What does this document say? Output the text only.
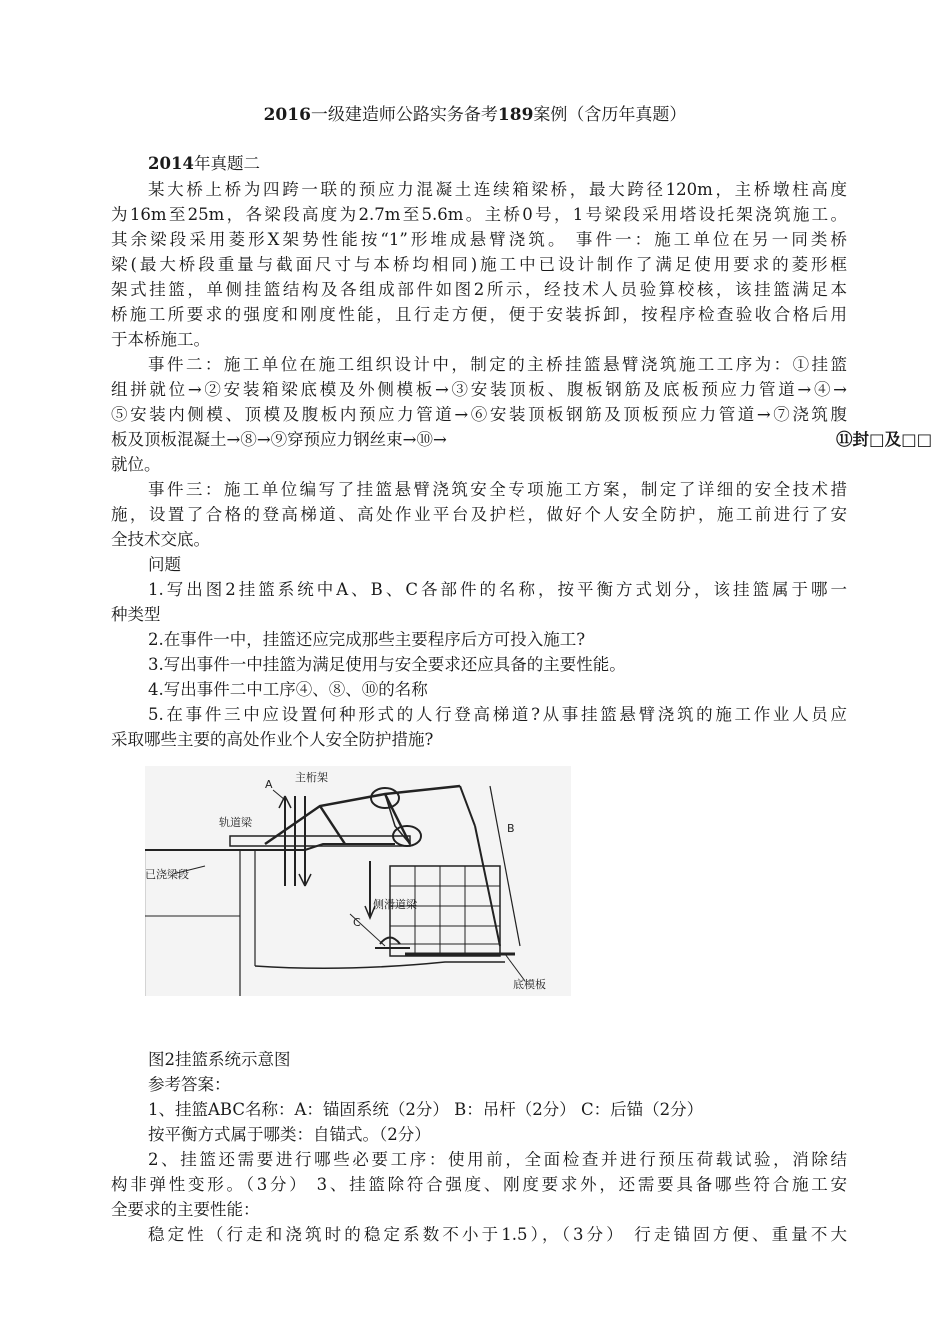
2016一级建造师公路实务备考189案例（含历年真题）
2014年真题二
某大桥上桥为四跨一联的预应力混凝土连续箱梁桥，最大跨径120m，主桥墩柱高度
为16m至25m，各梁段高度为2.7m至5.6m。主桥0号，1号梁段采用塔设托架浇筑施工。
其余梁段采用菱形X架势性能按“1”形堆成悬臂浇筑。 事件一：施工单位在另一同类桥
梁(最大桥段重量与截面尺寸与本桥均相同)施工中已设计制作了满足使用要求的菱形框
架式挂篮，单侧挂篮结构及各组成部件如图2所示，经技术人员验算校核，该挂篮满足本
桥施工所要求的强度和刚度性能，且行走方便，便于安装拆卸，按程序检查验收合格后用
于本桥施工。
事件二：施工单位在施工组织设计中，制定的主桥挂篮悬臂浇筑施工工序为：①挂篮
组拼就位→②安装箱梁底模及外侧模板→③安装顶板、腹板钢筋及底板预应力管道→④→
⑤安装内侧模、顶模及腹板内预应力管道→⑥安装顶板钢筋及顶板预应力管道→⑦浇筑腹
板及顶板混凝土→⑧→⑨穿预应力钢丝束→⑩→	⑪封□及□□
就位。
事件三：施工单位编写了挂篮悬臂浇筑安全专项施工方案，制定了详细的安全技术措
施，设置了合格的登高梯道、高处作业平台及护栏，做好个人安全防护，施工前进行了安
全技术交底。
问题
1.写出图2挂篮系统中A、B、C各部件的名称，按平衡方式划分，该挂篮属于哪一
种类型
2.在事件一中，挂篮还应完成那些主要程序后方可投入施工?
3.写出事件一中挂篮为满足使用与安全要求还应具备的主要性能。
4.写出事件二中工序④、⑧、⑩的名称
5.在事件三中应设置何种形式的人行登高梯道?从事挂篮悬臂浇筑的施工作业人员应
采取哪些主要的高处作业个人安全防护措施?
A
主桁架
轨道梁	B
已浇梁段
侧滑道梁
C
底模板
图2挂篮系统示意图
参考答案：
1、挂篮ABC名称：A：锚固系统（2分） B：吊杆（2分） C：后锚（2分）
按平衡方式属于哪类：自锚式。（2分）
2、挂篮还需要进行哪些必要工序：使用前，全面检查并进行预压荷载试验，消除结
构非弹性变形。（3分） 3、挂篮除符合强度、刚度要求外，还需要具备哪些符合施工安
全要求的主要性能：
稳定性（行走和浇筑时的稳定系数不小于1.5），（3分） 行走锚固方便、重量不大
